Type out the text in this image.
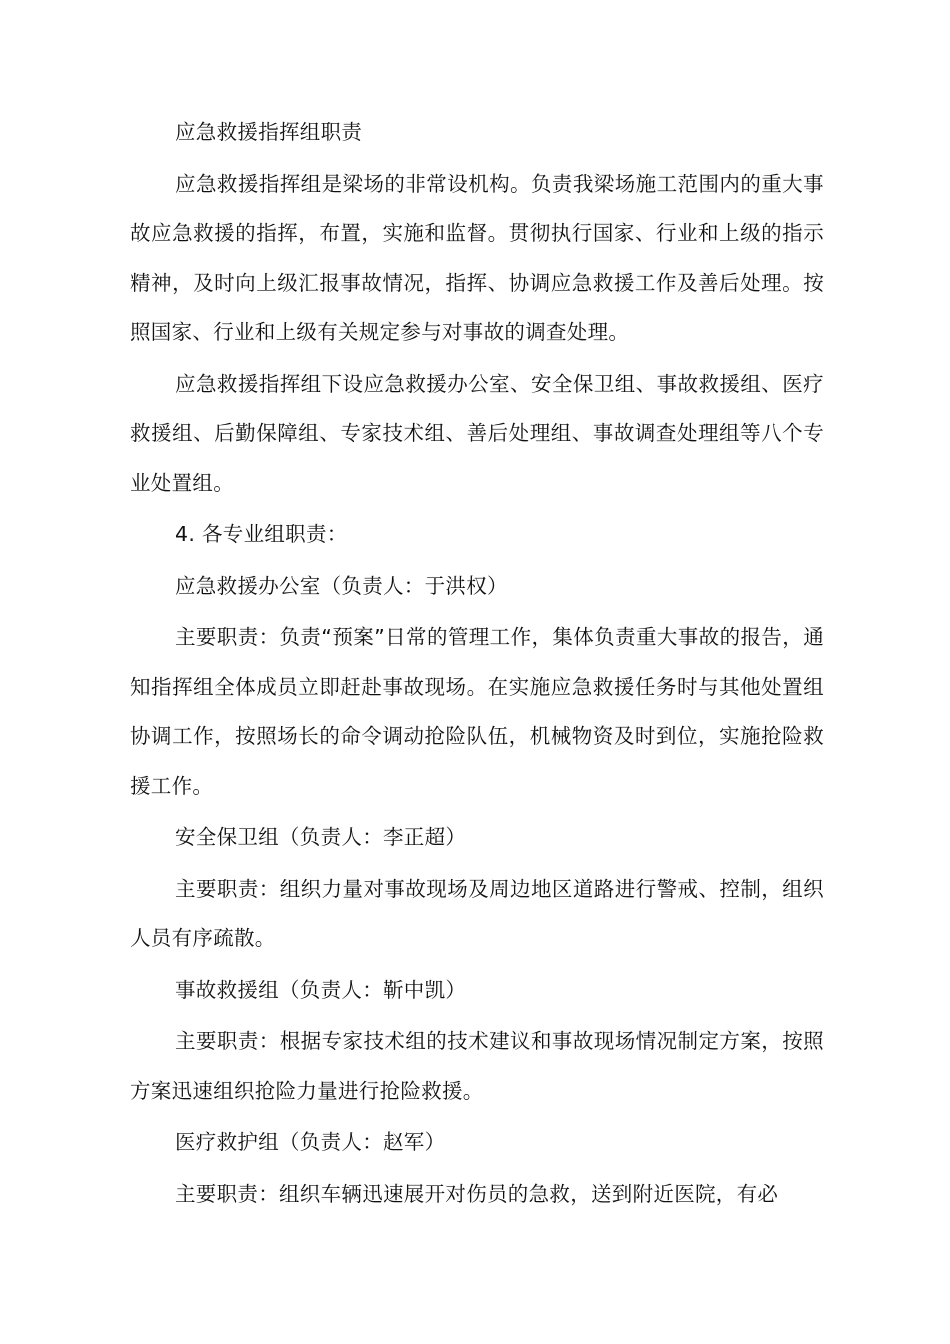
应急救援指挥组职责

应急救援指挥组是梁场的非常设机构。负责我梁场施工范围内的重大事故应急救援的指挥，布置，实施和监督。贯彻执行国家、行业和上级的指示精神，及时向上级汇报事故情况，指挥、协调应急救援工作及善后处理。按照国家、行业和上级有关规定参与对事故的调查处理。

应急救援指挥组下设应急救援办公室、安全保卫组、事故救援组、医疗救援组、后勤保障组、专家技术组、善后处理组、事故调查处理组等八个专业处置组。

4. 各专业组职责：

应急救援办公室（负责人：于洪权）

主要职责：负责“预案”日常的管理工作，集体负责重大事故的报告，通知指挥组全体成员立即赶赴事故现场。在实施应急救援任务时与其他处置组协调工作，按照场长的命令调动抢险队伍，机械物资及时到位，实施抢险救援工作。

安全保卫组（负责人：李正超）

主要职责：组织力量对事故现场及周边地区道路进行警戒、控制，组织人员有序疏散。

事故救援组（负责人：靳中凯）

主要职责：根据专家技术组的技术建议和事故现场情况制定方案，按照方案迅速组织抢险力量进行抢险救援。

医疗救护组（负责人：赵军）

主要职责：组织车辆迅速展开对伤员的急救，送到附近医院，有必
